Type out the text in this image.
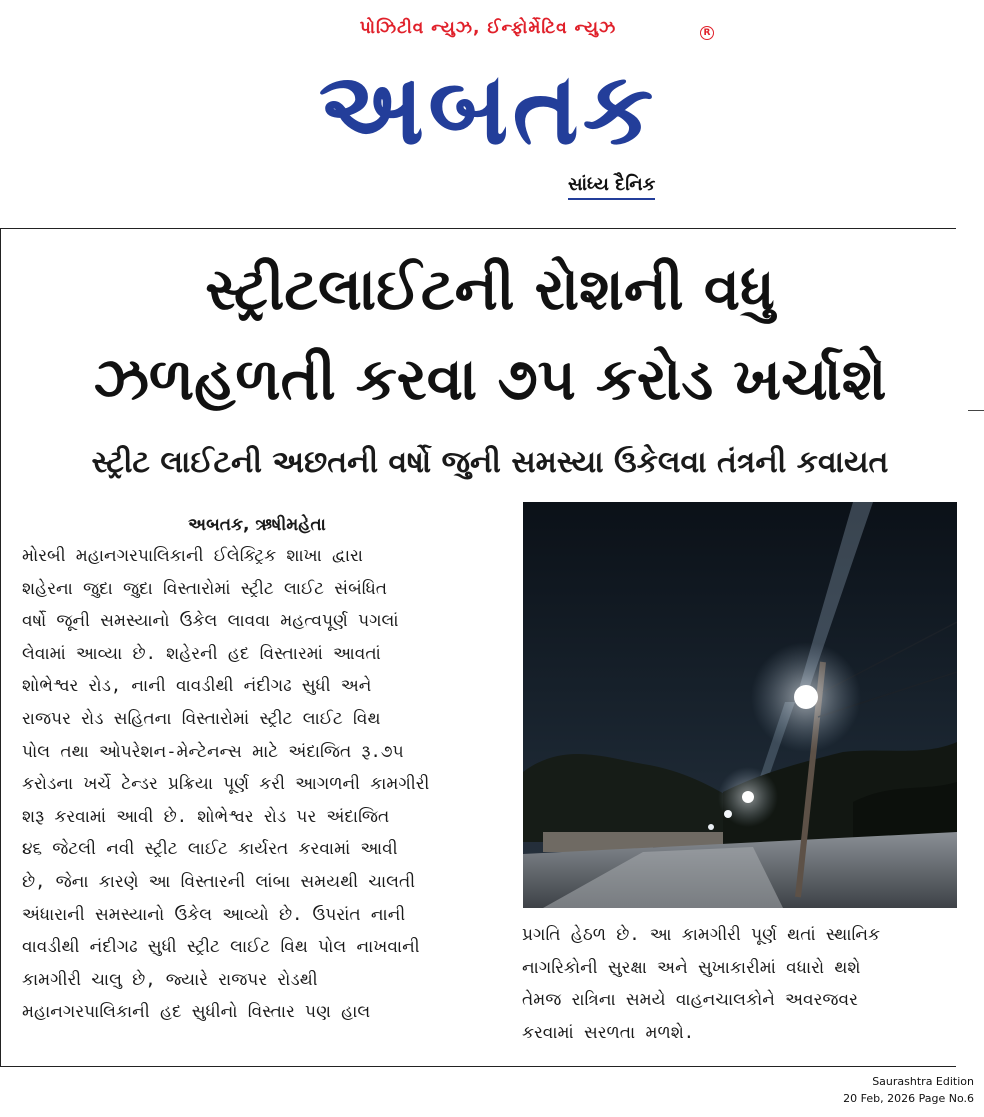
પોઝિટીવ ન્યુઝ, ઈન્ફોર્મેટિવ ન્યુઝ	R
અબતક
સાંધ્ય દૈનિક
સ્ટ્રીટલાઈટની રોશની વધુ
ઝળહળતી કરવા ૭૫ કરોડ ખર્ચાશે
સ્ટ્રીટ લાઈટની અછતની વર્ષો જુની સમસ્યા ઉકેલવા તંત્રની કવાયત
અબતક, ઋષીમહેતા
મોરબી મહાનગરપાલિકાની ઈલેક્ટ્રિક શાખા દ્વારા
શહેરના જુદા જુદા વિસ્તારોમાં સ્ટ્રીટ લાઈટ સંબંધિત
વર્ષો જૂની સમસ્યાનો ઉકેલ લાવવા મહત્વપૂર્ણ પગલાં
લેવામાં આવ્યા છે. શહેરની હદ વિસ્તારમાં આવતાં
શોભેશ્વર રોડ, નાની વાવડીથી નંદીગઢ સુધી અને
રાજપર રોડ સહિતના વિસ્તારોમાં સ્ટ્રીટ લાઈટ વિથ
પોલ તથા ઓપરેશન-મેન્ટેનન્સ માટે અંદાજિત રૂ.૭૫
કરોડના ખર્ચે ટેન્ડર પ્રક્રિયા પૂર્ણ કરી આગળની કામગીરી
શરૂ કરવામાં આવી છે. શોભેશ્વર રોડ પર અંદાજિત
૪૬ જેટલી નવી સ્ટ્રીટ લાઈટ કાર્યરત કરવામાં આવી
છે, જેના કારણે આ વિસ્તારની લાંબા સમયથી ચાલતી
અંધારાની સમસ્યાનો ઉકેલ આવ્યો છે. ઉપરાંત નાની
વાવડીથી નંદીગઢ સુધી સ્ટ્રીટ લાઈટ વિથ પોલ નાખવાની
કામગીરી ચાલુ છે, જ્યારે રાજપર રોડથી
મહાનગરપાલિકાની હદ સુધીનો વિસ્તાર પણ હાલ
પ્રગતિ હેઠળ છે. આ કામગીરી પૂર્ણ થતાં સ્થાનિક
નાગરિકોની સુરક્ષા અને સુખાકારીમાં વધારો થશે
તેમજ રાત્રિના સમયે વાહનચાલકોને અવરજવર
કરવામાં સરળતા મળશે.
Saurashtra Edition
20 Feb, 2026 Page No.6
